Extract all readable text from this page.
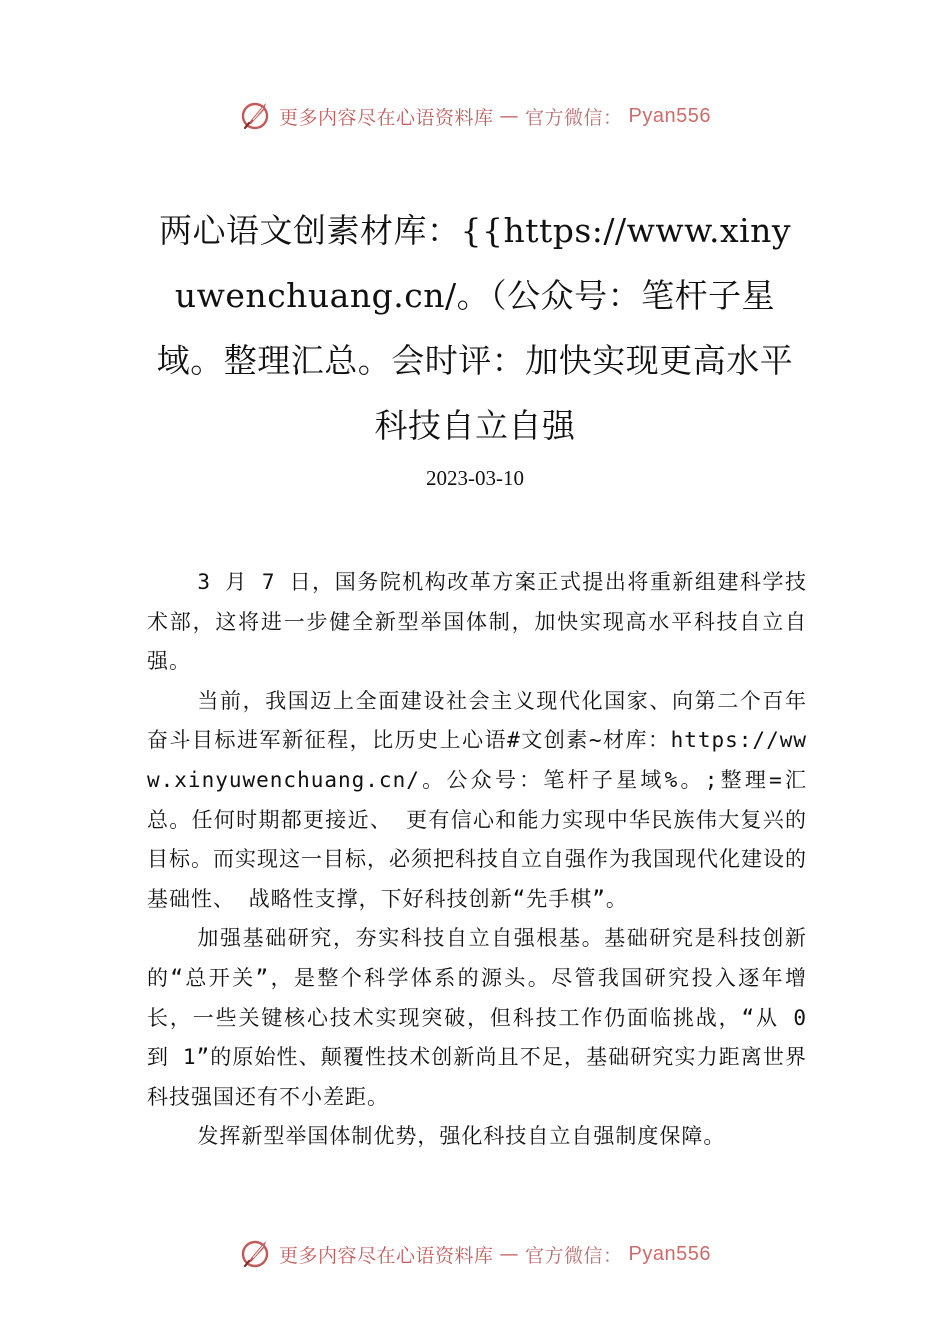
更多内容尽在心语资料库 — 官方微信： Pyan556
两心语文创素材库：{{https://www.xinyuwenchuang.cn/。（公众号：笔杆子星域。整理汇总。会时评：加快实现更高水平科技自立自强
2023-03-10

3 月 7 日，国务院机构改革方案正式提出将重新组建科学技术部，这将进一步健全新型举国体制，加快实现高水平科技自立自强。

当前，我国迈上全面建设社会主义现代化国家、向第二个百年奋斗目标进军新征程，比历史上心语#文创素~材库：https://www.xinyuwenchuang.cn/。公众号：笔杆子星域%。;整理=汇总。任何时期都更接近、 更有信心和能力实现中华民族伟大复兴的目标。而实现这一目标，必须把科技自立自强作为我国现代化建设的基础性、 战略性支撑，下好科技创新“先手棋”。

加强基础研究，夯实科技自立自强根基。基础研究是科技创新的“总开关”，是整个科学体系的源头。尽管我国研究投入逐年增长，一些关键核心技术实现突破，但科技工作仍面临挑战，“从 0 到 1”的原始性、颠覆性技术创新尚且不足，基础研究实力距离世界科技强国还有不小差距。

发挥新型举国体制优势，强化科技自立自强制度保障。

更多内容尽在心语资料库 — 官方微信： Pyan556
